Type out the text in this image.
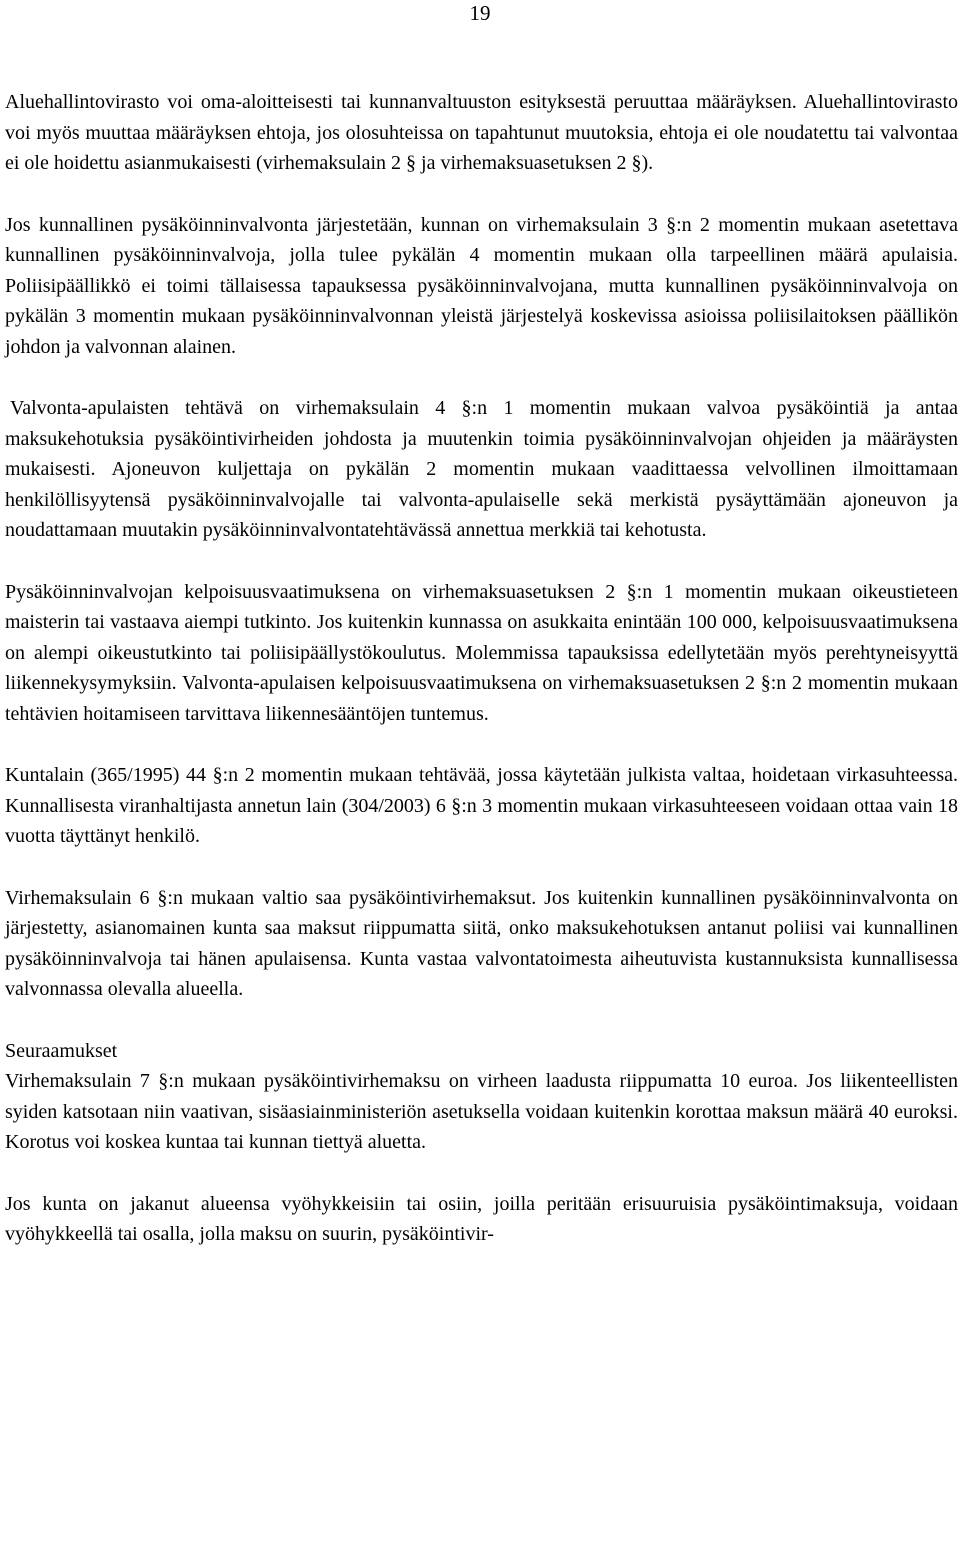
19

Aluehallintovirasto voi oma-aloitteisesti tai kunnanvaltuuston esityksestä peruuttaa määräyksen. Aluehallintovirasto voi myös muuttaa määräyksen ehtoja, jos olosuhteissa on tapahtunut muutoksia, ehtoja ei ole noudatettu tai valvontaa ei ole hoidettu asianmukaisesti (virhemaksulain 2 § ja virhemaksuasetuksen 2 §).

Jos kunnallinen pysäköinninvalvonta järjestetään, kunnan on virhemaksulain 3 §:n 2 momentin mukaan asetettava kunnallinen pysäköinninvalvoja, jolla tulee pykälän 4 momentin mukaan olla tarpeellinen määrä apulaisia. Poliisipäällikkö ei toimi tällaisessa tapauksessa pysäköinninvalvojana, mutta kunnallinen pysäköinninvalvoja on pykälän 3 momentin mukaan pysäköinninvalvonnan yleistä järjestelyä koskevissa asioissa poliisilaitoksen päällikön johdon ja valvonnan alainen.

Valvonta-apulaisten tehtävä on virhemaksulain 4 §:n 1 momentin mukaan valvoa pysäköintiä ja antaa maksukehotuksia pysäköintivirheiden johdosta ja muutenkin toimia pysäköinninvalvojan ohjeiden ja määräysten mukaisesti. Ajoneuvon kuljettaja on pykälän 2 momentin mukaan vaadittaessa velvollinen ilmoittamaan henkilöllisyytensä pysäköinninvalvojalle tai valvonta-apulaiselle sekä merkistä pysäyttämään ajoneuvon ja noudattamaan muutakin pysäköinninvalvontatehtävässä annettua merkkiä tai kehotusta.

Pysäköinninvalvojan kelpoisuusvaatimuksena on virhemaksuasetuksen 2 §:n 1 momentin mukaan oikeustieteen maisterin tai vastaava aiempi tutkinto. Jos kuitenkin kunnassa on asukkaita enintään 100 000, kelpoisuusvaatimuksena on alempi oikeustutkinto tai poliisipäällystökoulutus. Molemmissa tapauksissa edellytetään myös perehtyneisyyttä liikennekysymyksiin. Valvonta-apulaisen kelpoisuusvaatimuksena on virhemaksuasetuksen 2 §:n 2 momentin mukaan tehtävien hoitamiseen tarvittava liikennesääntöjen tuntemus.

Kuntalain (365/1995) 44 §:n 2 momentin mukaan tehtävää, jossa käytetään julkista valtaa, hoidetaan virkasuhteessa. Kunnallisesta viranhaltijasta annetun lain (304/2003) 6 §:n 3 momentin mukaan virkasuhteeseen voidaan ottaa vain 18 vuotta täyttänyt henkilö.

Virhemaksulain 6 §:n mukaan valtio saa pysäköintivirhemaksut. Jos kuitenkin kunnallinen pysäköinninvalvonta on järjestetty, asianomainen kunta saa maksut riippumatta siitä, onko maksukehotuksen antanut poliisi vai kunnallinen pysäköinninvalvoja tai hänen apulaisensa. Kunta vastaa valvontatoimesta aiheutuvista kustannuksista kunnallisessa valvonnassa olevalla alueella.

Seuraamukset

Virhemaksulain 7 §:n mukaan pysäköintivirhemaksu on virheen laadusta riippumatta 10 euroa. Jos liikenteellisten syiden katsotaan niin vaativan, sisäasiainministeriön asetuksella voidaan kuitenkin korottaa maksun määrä 40 euroksi. Korotus voi koskea kuntaa tai kunnan tiettyä aluetta.

Jos kunta on jakanut alueensa vyöhykkeisiin tai osiin, joilla peritään erisuuruisia pysäköintimaksuja, voidaan vyöhykkeellä tai osalla, jolla maksu on suurin, pysäköintivir-
